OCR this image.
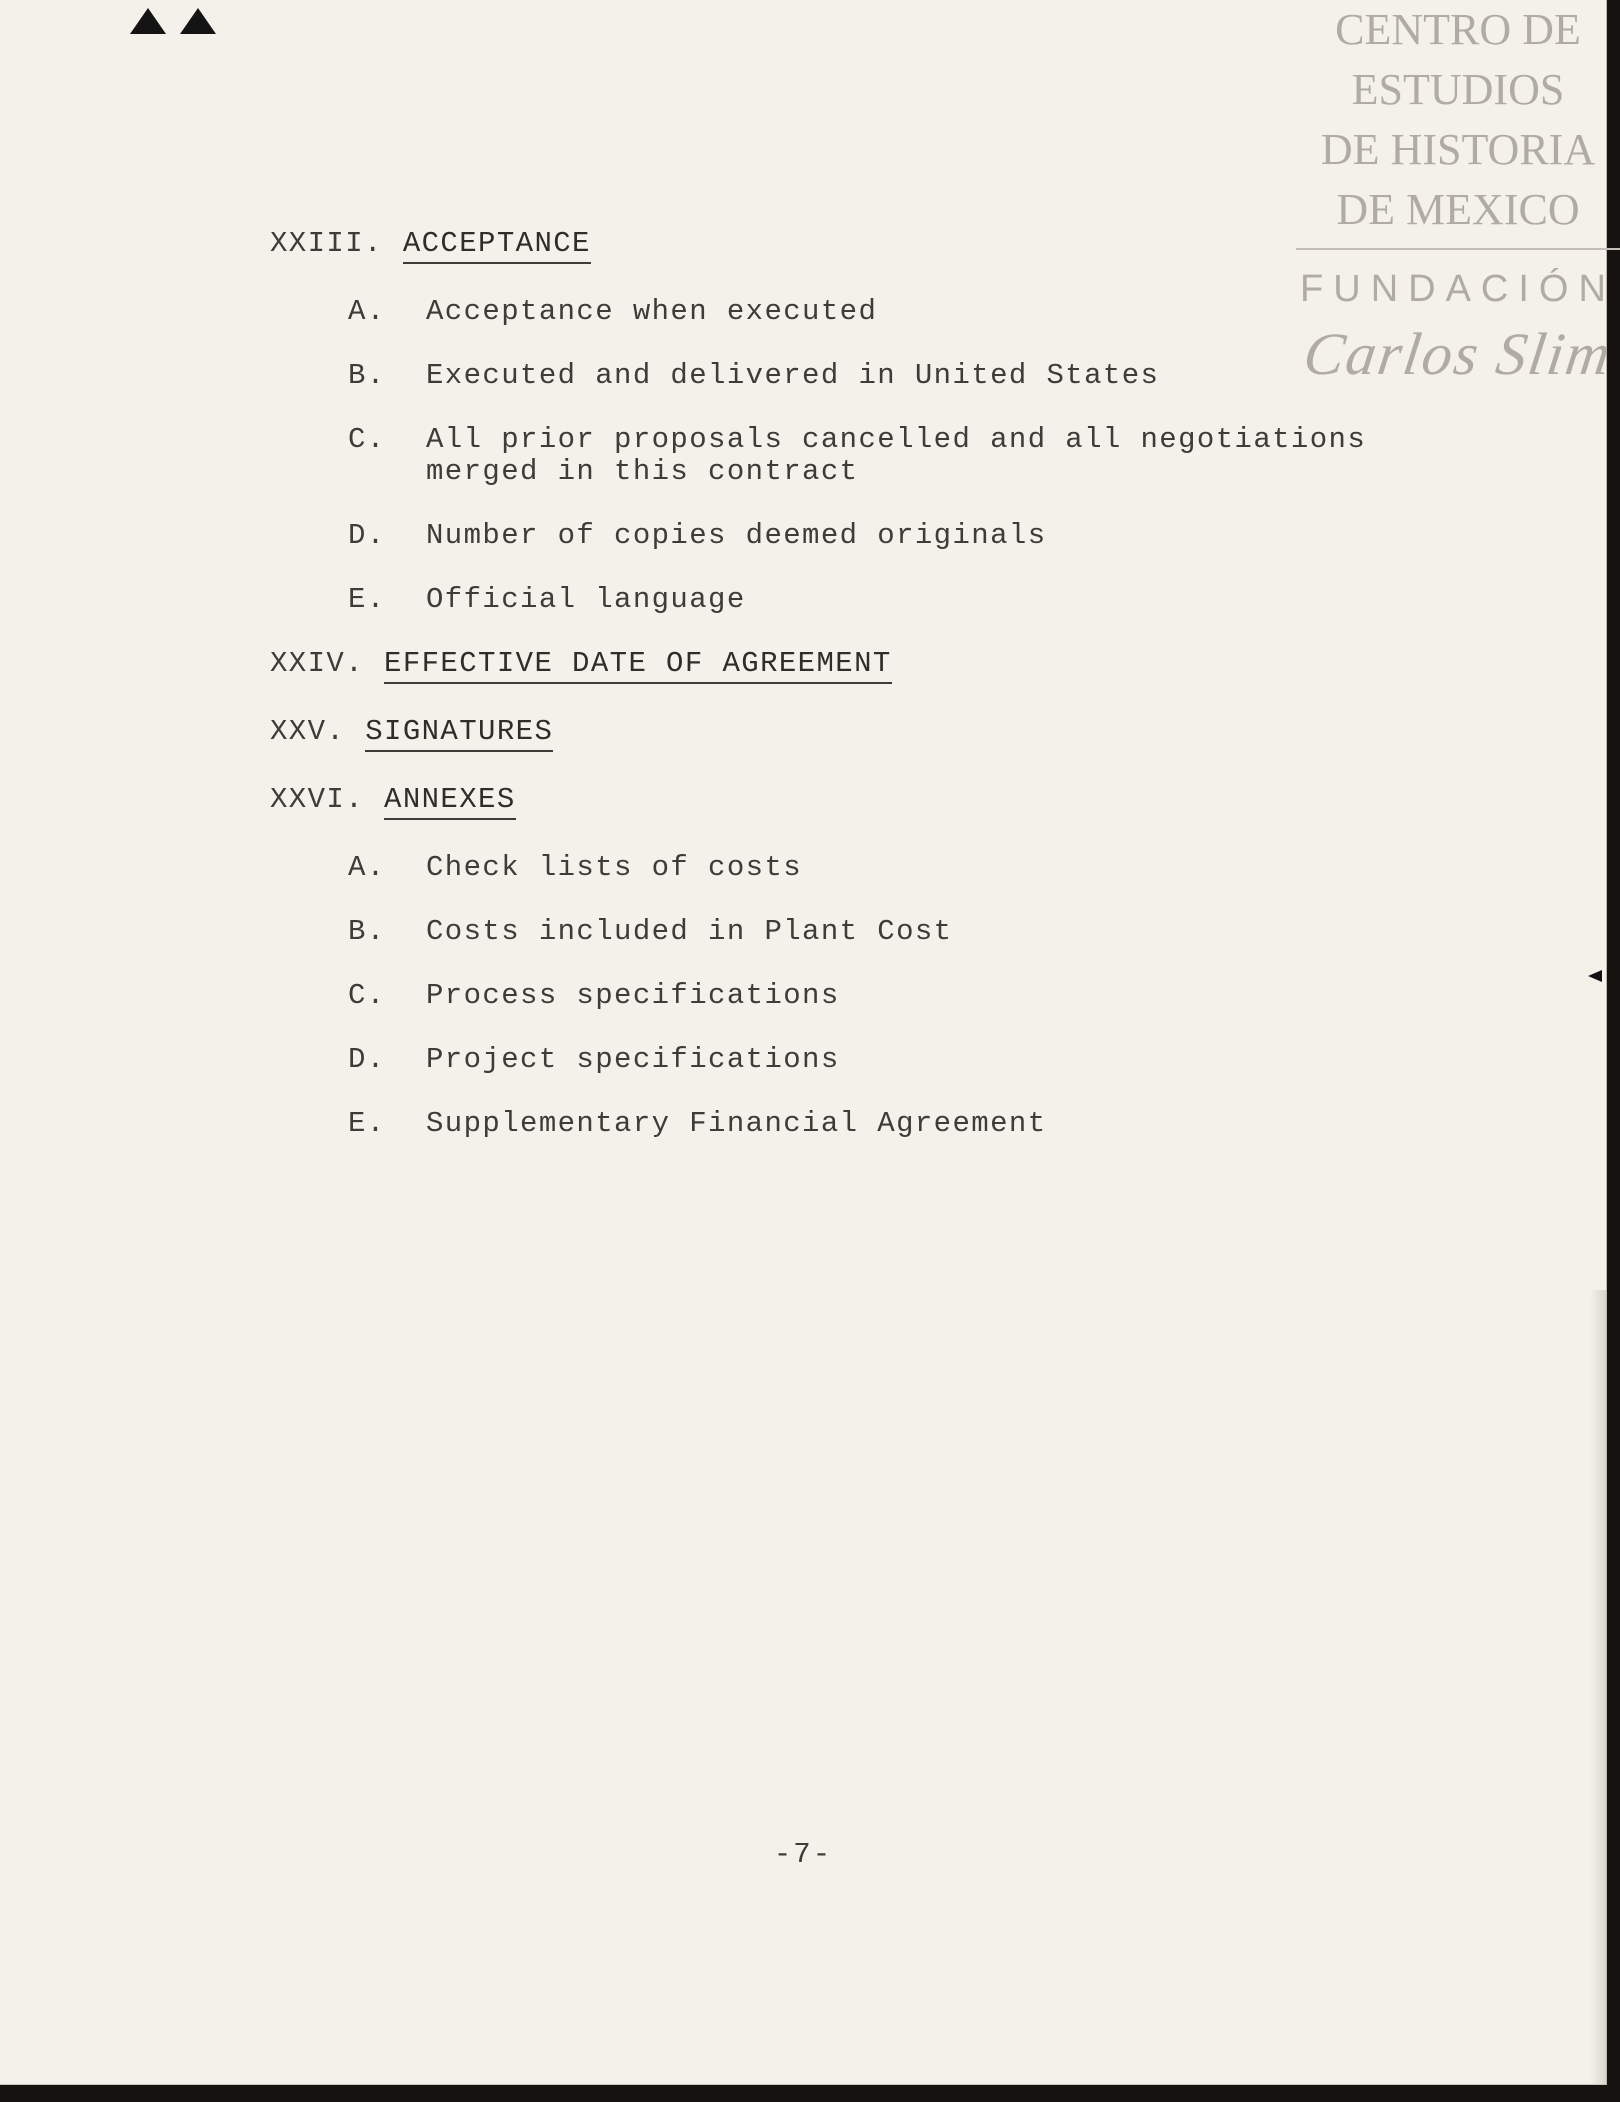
CENTRO DE
ESTUDIOS
DE HISTORIA
DE MEXICO
FUNDACIÓN
Carlos Slim
XXIII. ACCEPTANCE
A.	Acceptance when executed
B.	Executed and delivered in United States
C.	All prior proposals cancelled and all negotiations
merged in this contract
D.	Number of copies deemed originals
E.	Official language
XXIV. EFFECTIVE DATE OF AGREEMENT
XXV. SIGNATURES
XXVI. ANNEXES
A.	Check lists of costs
B.	Costs included in Plant Cost
C.	Process specifications
D.	Project specifications
E.	Supplementary Financial Agreement
-7-
